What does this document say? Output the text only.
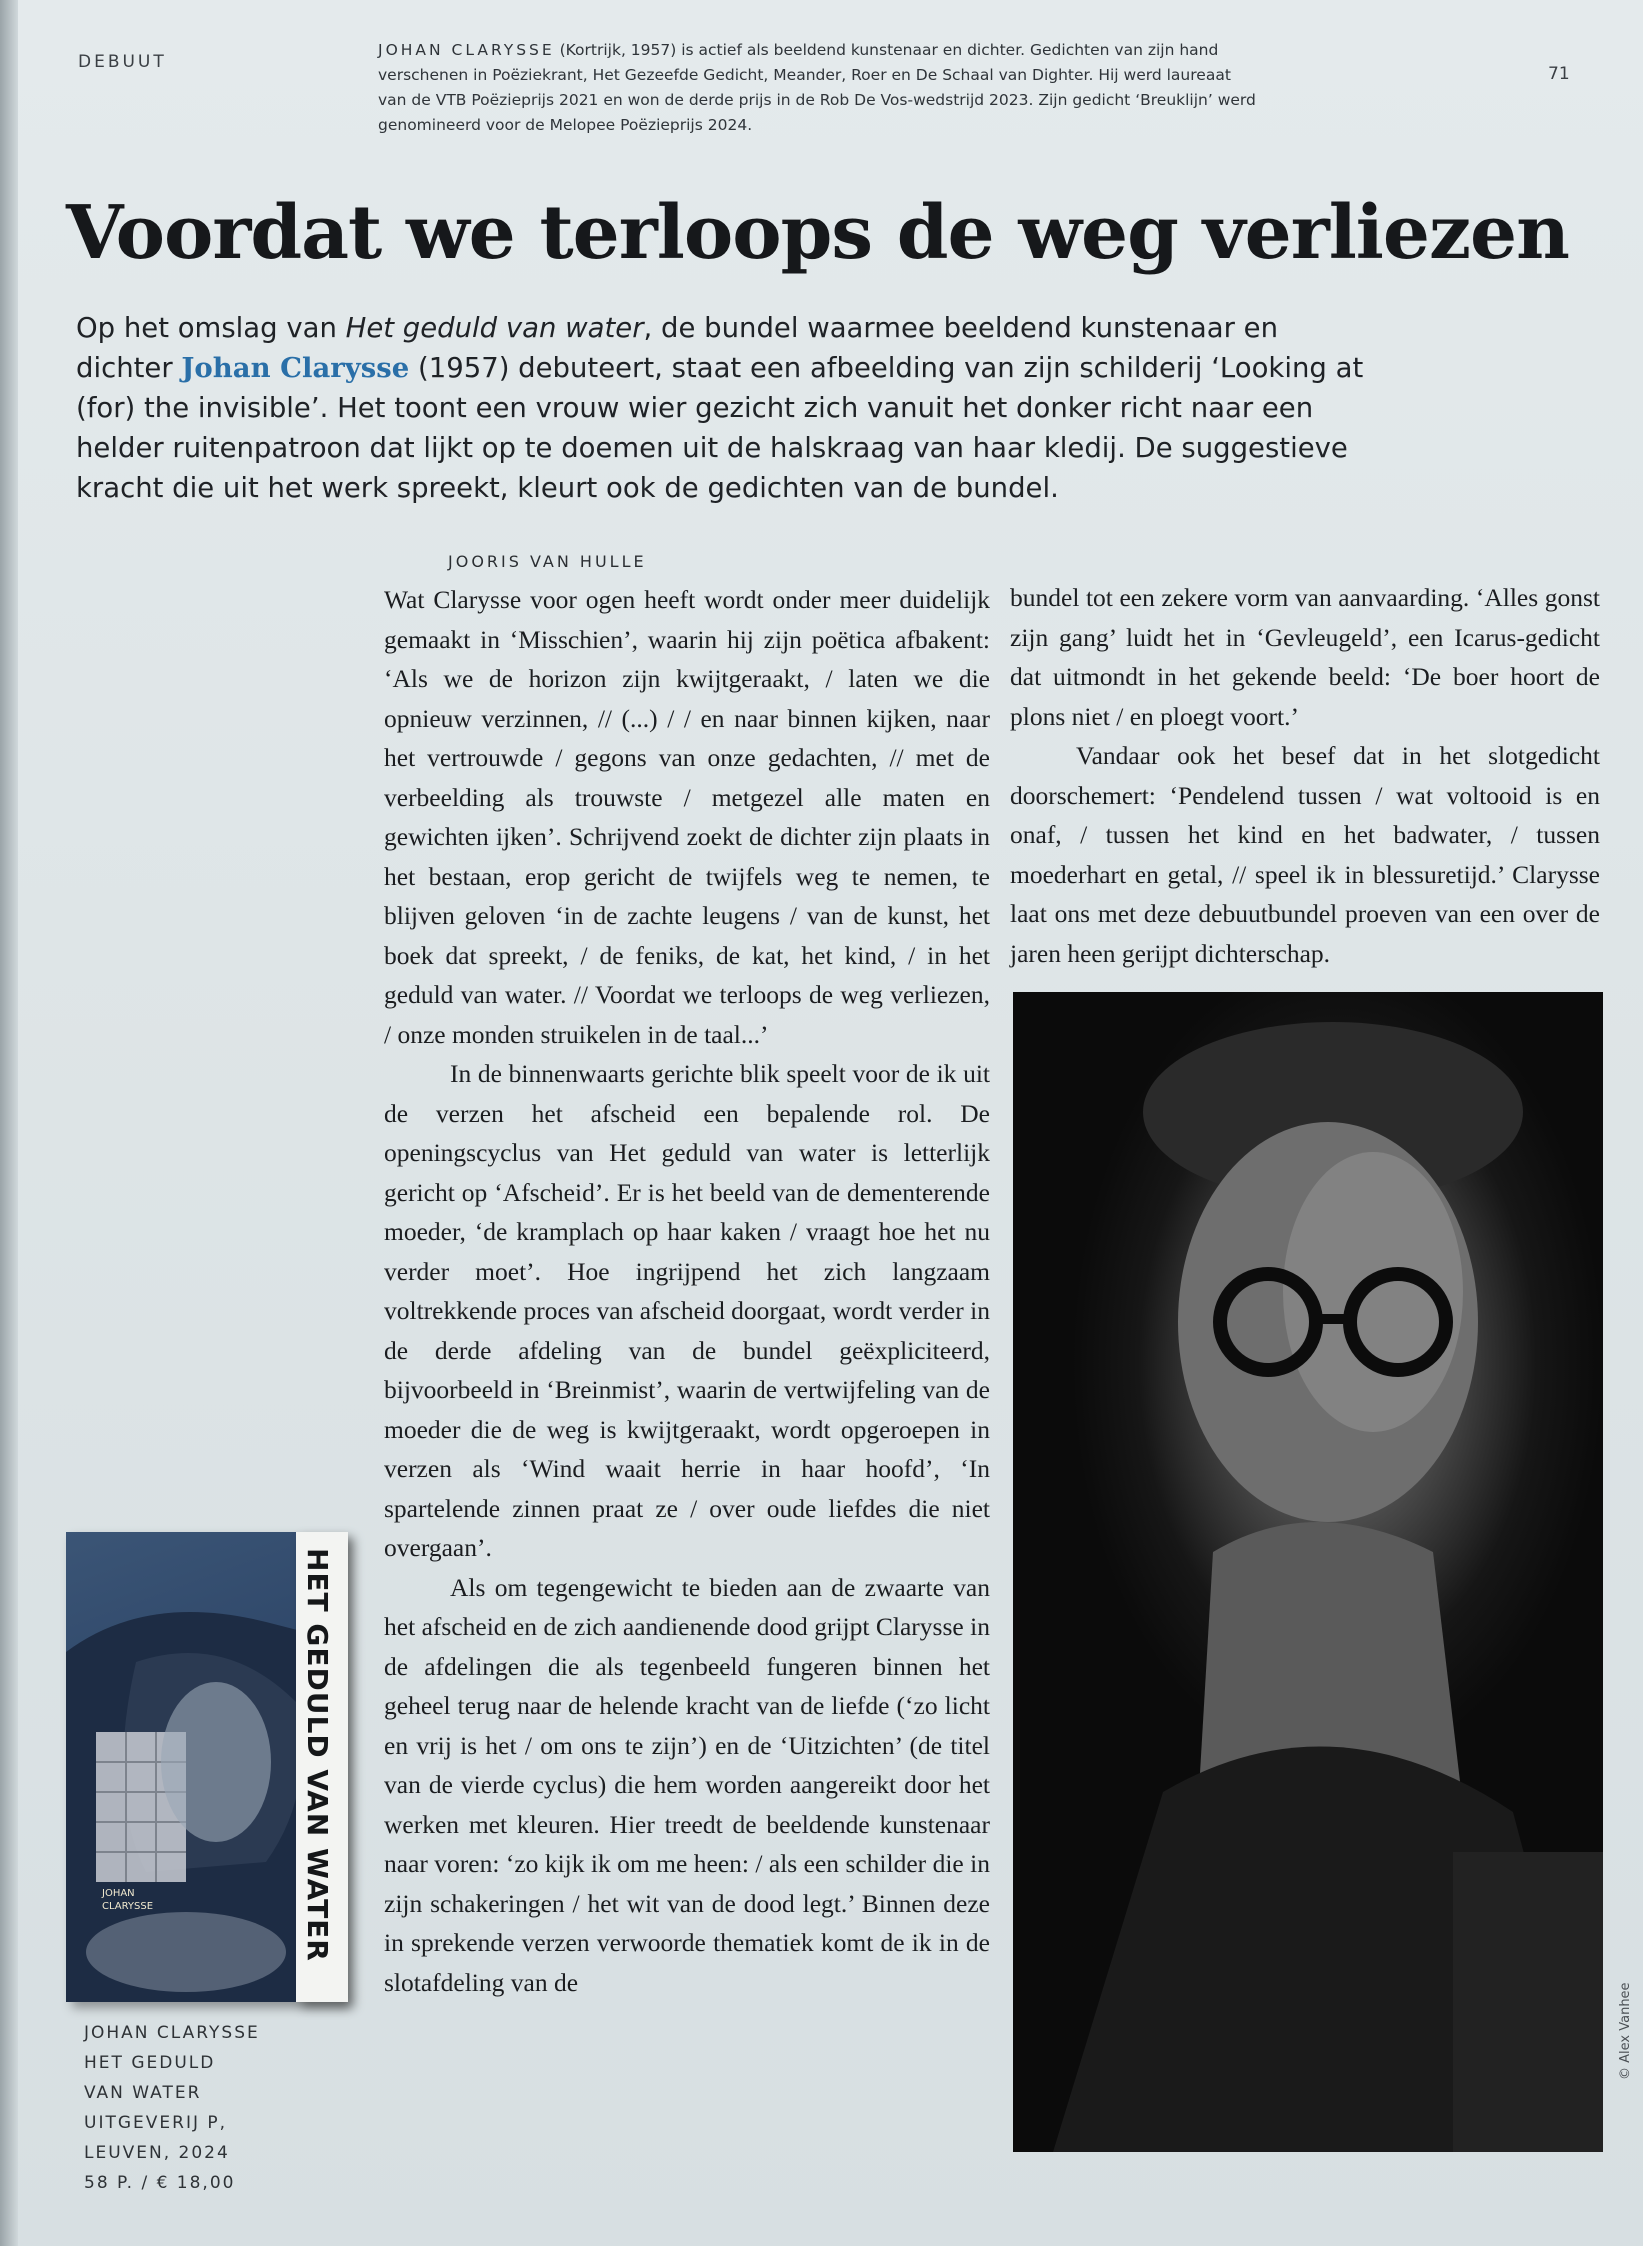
DEBUUT
71
JOHAN CLARYSSE (Kortrijk, 1957) is actief als beeldend kunstenaar en dichter. Gedichten van zijn hand verschenen in Poëziekrant, Het Gezeefde Gedicht, Meander, Roer en De Schaal van Dighter. Hij werd laureaat van de VTB Poëzieprijs 2021 en won de derde prijs in de Rob De Vos-wedstrijd 2023. Zijn gedicht ‘Breuklijn’ werd genomineerd voor de Melopee Poëzieprijs 2024.
Voordat we terloops de weg verliezen
Op het omslag van Het geduld van water, de bundel waarmee beeldend kunstenaar en dichter Johan Clarysse (1957) debuteert, staat een afbeelding van zijn schilderij ‘Looking at (for) the invisible’. Het toont een vrouw wier gezicht zich vanuit het donker richt naar een helder ruitenpatroon dat lijkt op te doemen uit de halskraag van haar kledij. De suggestieve kracht die uit het werk spreekt, kleurt ook de gedichten van de bundel.
JOORIS VAN HULLE

Wat Clarysse voor ogen heeft wordt onder meer duidelijk gemaakt in ‘Misschien’, waarin hij zijn poëtica afbakent: ‘Als we de horizon zijn kwijtgeraakt, / laten we die opnieuw verzinnen, // (...) / / en naar binnen kijken, naar het vertrouwde / gegons van onze gedachten, // met de verbeelding als trouwste / metgezel alle maten en gewichten ijken’. Schrijvend zoekt de dichter zijn plaats in het bestaan, erop gericht de twijfels weg te nemen, te blijven geloven ‘in de zachte leugens / van de kunst, het boek dat spreekt, / de feniks, de kat, het kind, / in het geduld van water. // Voordat we terloops de weg verliezen, / onze monden struikelen in de taal...’

In de binnenwaarts gerichte blik speelt voor de ik uit de verzen het afscheid een bepalende rol. De openingscyclus van Het geduld van water is letterlijk gericht op ‘Afscheid’. Er is het beeld van de dementerende moeder, ‘de kramplach op haar kaken / vraagt hoe het nu verder moet’. Hoe ingrijpend het zich langzaam voltrekkende proces van afscheid doorgaat, wordt verder in de derde afdeling van de bundel geëxpliciteerd, bijvoorbeeld in ‘Breinmist’, waarin de vertwijfeling van de moeder die de weg is kwijtgeraakt, wordt opgeroepen in verzen als ‘Wind waait herrie in haar hoofd’, ‘In spartelende zinnen praat ze / over oude liefdes die niet overgaan’.

Als om tegengewicht te bieden aan de zwaarte van het afscheid en de zich aandienende dood grijpt Clarysse in de afdelingen die als tegenbeeld fungeren binnen het geheel terug naar de helende kracht van de liefde (‘zo licht en vrij is het / om ons te zijn’) en de ‘Uitzichten’ (de titel van de vierde cyclus) die hem worden aangereikt door het werken met kleuren. Hier treedt de beeldende kunstenaar naar voren: ‘zo kijk ik om me heen: / als een schilder die in zijn schakeringen / het wit van de dood legt.’ Binnen deze in sprekende verzen verwoorde thematiek komt de ik in de slotafdeling van de

bundel tot een zekere vorm van aanvaarding. ‘Alles gonst zijn gang’ luidt het in ‘Gevleugeld’, een Icarus-gedicht dat uitmondt in het gekende beeld: ‘De boer hoort de plons niet / en ploegt voort.’

Vandaar ook het besef dat in het slotgedicht doorschemert: ‘Pendelend tussen / wat voltooid is en onaf, / tussen het kind en het badwater, / tussen moederhart en getal, // speel ik in blessuretijd.’ Clarysse laat ons met deze debuutbundel proeven van een over de jaren heen gerijpt dichterschap.

© Alex Vanhee
JOHAN
CLARYSSE	HET GEDULD VAN WATER
JOHAN CLARYSSE
HET GEDULD
VAN WATER
UITGEVERIJ P,
LEUVEN, 2024
58 P. / € 18,00
